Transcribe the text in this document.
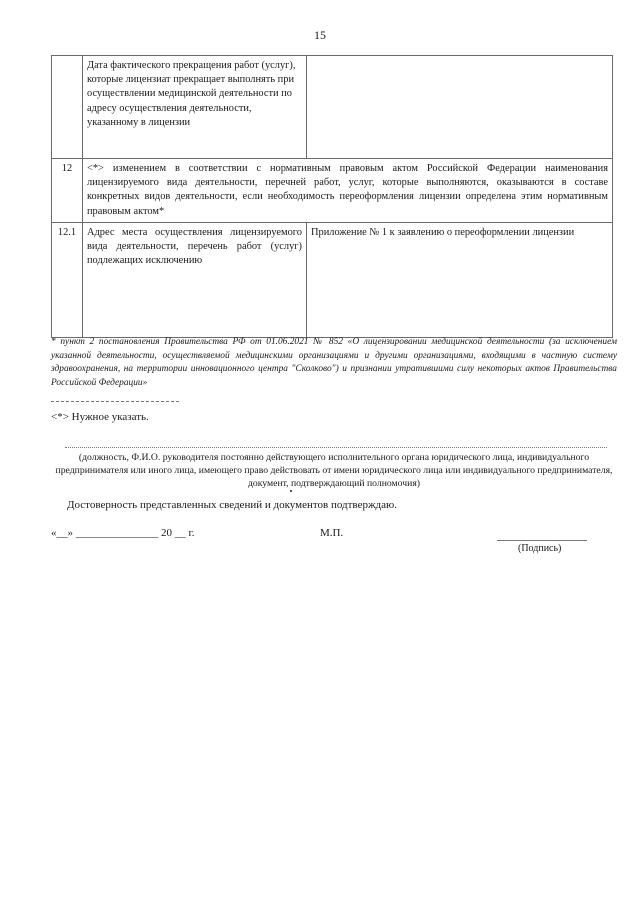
15
	Дата фактического прекращения работ (услуг), которые лицензиат прекращает выполнять при осуществлении медицинской деятельности по адресу осуществления деятельности, указанному в лицензии	
12	<*> изменением в соответствии с нормативным правовым актом Российской Федерации наименования лицензируемого вида деятельности, перечней работ, услуг, которые выполняются, оказываются в составе конкретных видов деятельности, если необходимость переоформления лицензии определена этим нормативным правовым актом*	
12.1	Адрес места осуществления лицензируемого вида деятельности, перечень работ (услуг) подлежащих исключению	Приложение № 1 к заявлению о переоформлении лицензии
* пункт 2 постановления Правительства РФ от 01.06.2021 № 852 «О лицензировании медицинской деятельности (за исключением указанной деятельности, осуществляемой медицинскими организациями и другими организациями, входящими в частную систему здравоохранения, на территории инновационного центра "Сколково") и признании утратившими силу некоторых актов Правительства Российской Федерации»
<*> Нужное указать.
(должность, Ф.И.О. руководителя постоянно действующего исполнительного органа юридического лица, индивидуального предпринимателя или иного лица, имеющего право действовать от имени юридического лица или индивидуального предпринимателя, документ, подтверждающий полномочия)
Достоверность представленных сведений и документов подтверждаю.
«__» _______________ 20 __ г.	М.П.
(Подпись)
